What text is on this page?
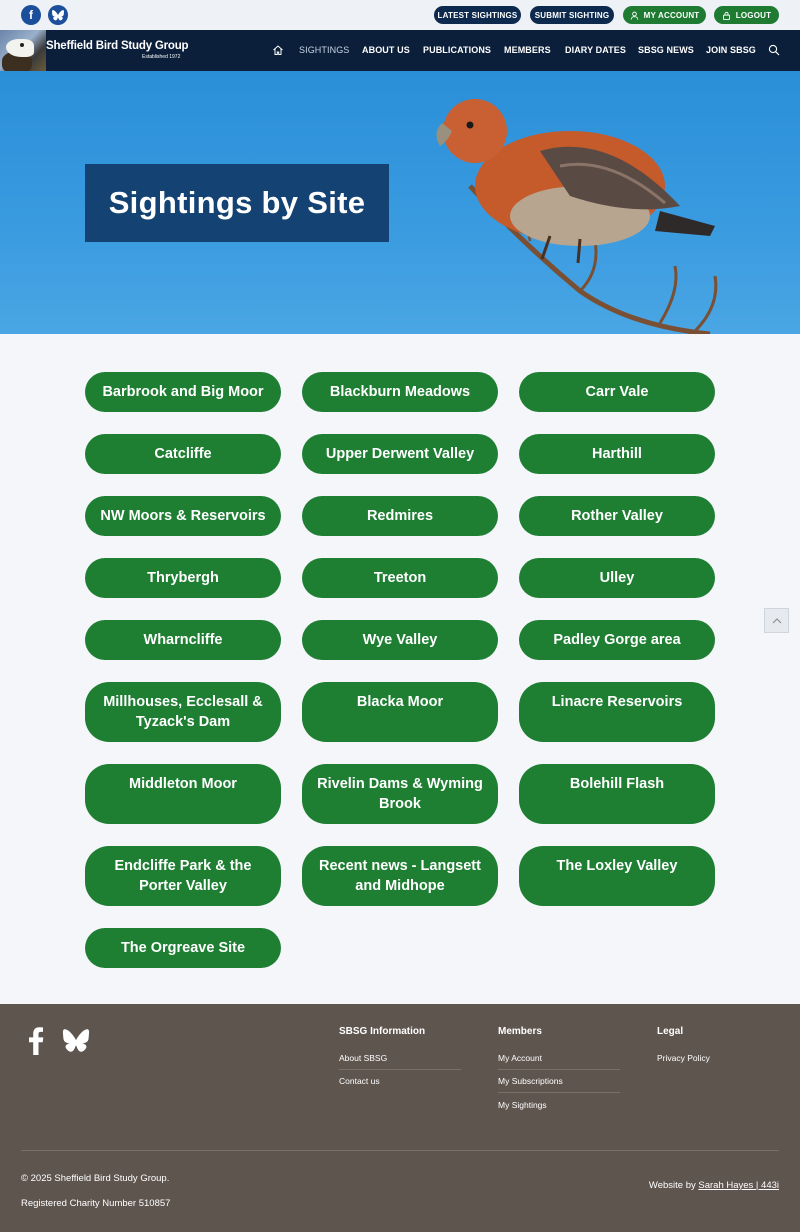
f	LATEST SIGHTINGS SUBMIT SIGHTING	MY ACCOUNT	LOGOUT
Sheffield Bird Study Group
Established 1972
SIGHTINGS ABOUT US PUBLICATIONS MEMBERS DIARY DATES SBSG NEWS JOIN SBSG
Sightings by Site
Barbrook and Big Moor	Blackburn Meadows	Carr Vale
Catcliffe	Upper Derwent Valley	Harthill
NW Moors & Reservoirs	Redmires	Rother Valley
Thrybergh	Treeton	Ulley
Wharncliffe	Wye Valley	Padley Gorge area
Millhouses, Ecclesall & Tyzack's Dam
Blacka Moor	Linacre Reservoirs
Middleton Moor	Rivelin Dams & Wyming Brook
Bolehill Flash
Endcliffe Park & the Porter Valley
Recent news - Langsett and Midhope
The Loxley Valley
The Orgreave Site
SBSG Information
About SBSG
Contact us
Members
My Account
My Subscriptions
My Sightings
Legal
Privacy Policy
© 2025 Sheffield Bird Study Group.
Registered Charity Number 510857
Website by Sarah Hayes | 443i
